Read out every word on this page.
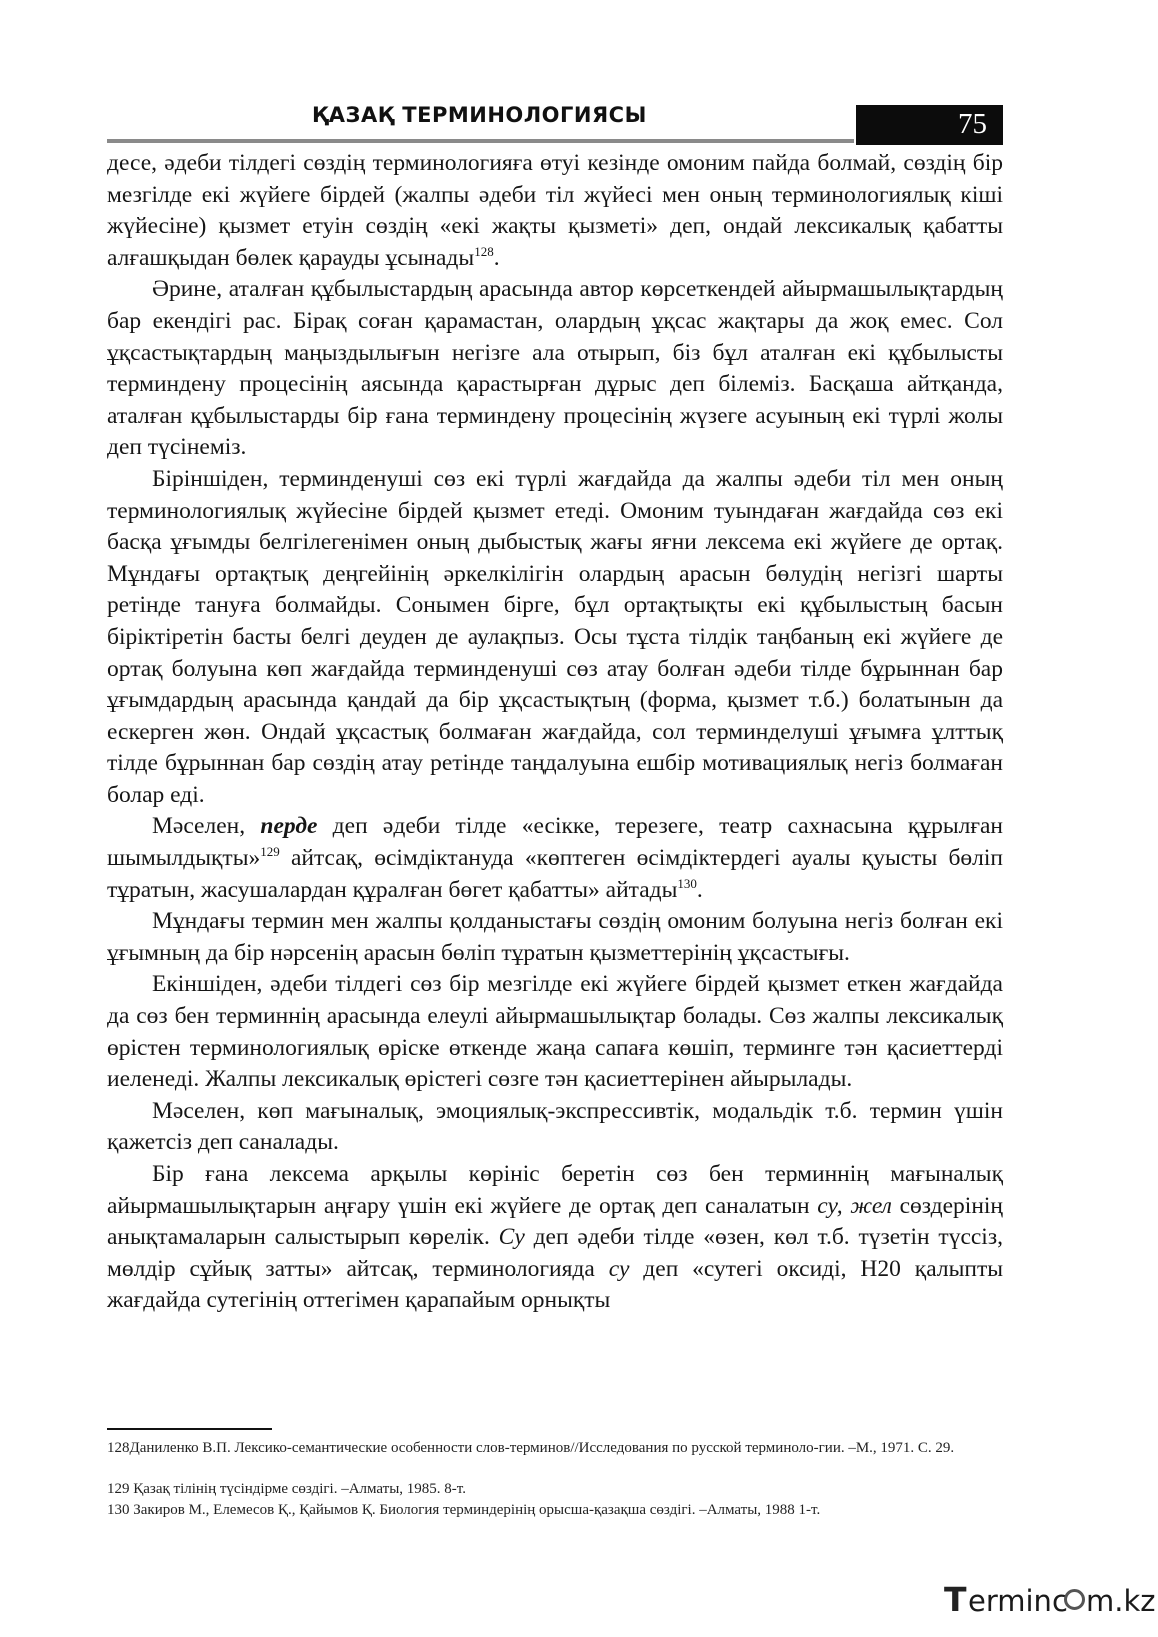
ҚАЗАҚ ТЕРМИНОЛОГИЯСЫ	75

десе, әдеби тілдегі сөздің терминологияға өтуі кезінде омоним пайда болмай, сөздің бір мезгілде екі жүйеге бірдей (жалпы әдеби тіл жүйесі мен оның терминологиялық кіші жүйесіне) қызмет етуін сөздің «екі жақты қызметі» деп, ондай лексикалық қабатты алғашқыдан бөлек қарауды ұсынады$^{128}$.

Әрине, аталған құбылыстардың арасында автор көрсеткендей айырмашылықтардың бар екендігі рас. Бірақ соған қарамастан, олардың ұқсас жақтары да жоқ емес. Сол ұқсастықтардың маңыздылығын негізге ала отырып, біз бұл аталған екі құбылысты терминдену процесінің аясында қарастырған дұрыс деп білеміз. Басқаша айтқанда, аталған құбылыстарды бір ғана терминдену процесінің жүзеге асуының екі түрлі жолы деп түсінеміз.

Біріншіден, терминденуші сөз екі түрлі жағдайда да жалпы әдеби тіл мен оның терминологиялық жүйесіне бірдей қызмет етеді. Омоним туындаған жағдайда сөз екі басқа ұғымды белгілегенімен оның дыбыстық жағы яғни лексема екі жүйеге де ортақ. Мұндағы ортақтық деңгейінің әркелкілігін олардың арасын бөлудің негізгі шарты ретінде тануға болмайды. Сонымен бірге, бұл ортақтықты екі құбылыстың басын біріктіретін басты белгі деуден де аулақпыз. Осы тұста тілдік таңбаның екі жүйеге де ортақ болуына көп жағдайда терминденуші сөз атау болған әдеби тілде бұрыннан бар ұғымдардың арасында қандай да бір ұқсастықтың (форма, қызмет т.б.) болатынын да ескерген жөн. Ондай ұқсастық болмаған жағдайда, сол терминделуші ұғымға ұлттық тілде бұрыннан бар сөздің атау ретінде таңдалуына ешбір мотивациялық негіз болмаған болар еді.

Мәселен, перде деп әдеби тілде «есікке, терезеге, театр сахнасына құрылған шымылдықты»$^{129}$ айтсақ, өсімдіктануда «көптеген өсімдіктердегі ауалы қуысты бөліп тұратын, жасушалардан құралған бөгет қабатты» айтады$^{130}$.

Мұндағы термин мен жалпы қолданыстағы сөздің омоним болуына негіз болған екі ұғымның да бір нәрсенің арасын бөліп тұратын қызметтерінің ұқсастығы.

Екіншіден, әдеби тілдегі сөз бір мезгілде екі жүйеге бірдей қызмет еткен жағдайда да сөз бен терминнің арасында елеулі айырмашылықтар болады. Сөз жалпы лексикалық өрістен терминологиялық өріске өткенде жаңа сапаға көшіп, терминге тән қасиеттерді иеленеді. Жалпы лексикалық өрістегі сөзге тән қасиеттерінен айырылады.

Мәселен, көп мағыналық, эмоциялық-экспрессивтік, модальдік т.б. термин үшін қажетсіз деп саналады.

Бір ғана лексема арқылы көрініс беретін сөз бен терминнің мағыналық айырмашылықтарын аңғару үшін екі жүйеге де ортақ деп саналатын су, жел сөздерінің анықтамаларын салыстырып көрелік. Су деп әдеби тілде «өзен, көл т.б. түзетін түссіз, мөлдір сұйық затты» айтсақ, терминологияда су деп «сутегі оксиді, H20 қалыпты жағдайда сутегінің оттегімен қарапайым орнықты

128Даниленко В.П. Лексико-семантические особенности слов-терминов//Исследования по русской терминоло-гии. –М., 1971. С. 29.
129 Қазақ тілінің түсіндірме сөздігі. –Алматы, 1985. 8-т.
130 Закиров М., Елемесов Қ., Қайымов Қ. Биология терминдерінің орысша-қазақша сөздігі. –Алматы, 1988 1-т.
T erminc m.kz
